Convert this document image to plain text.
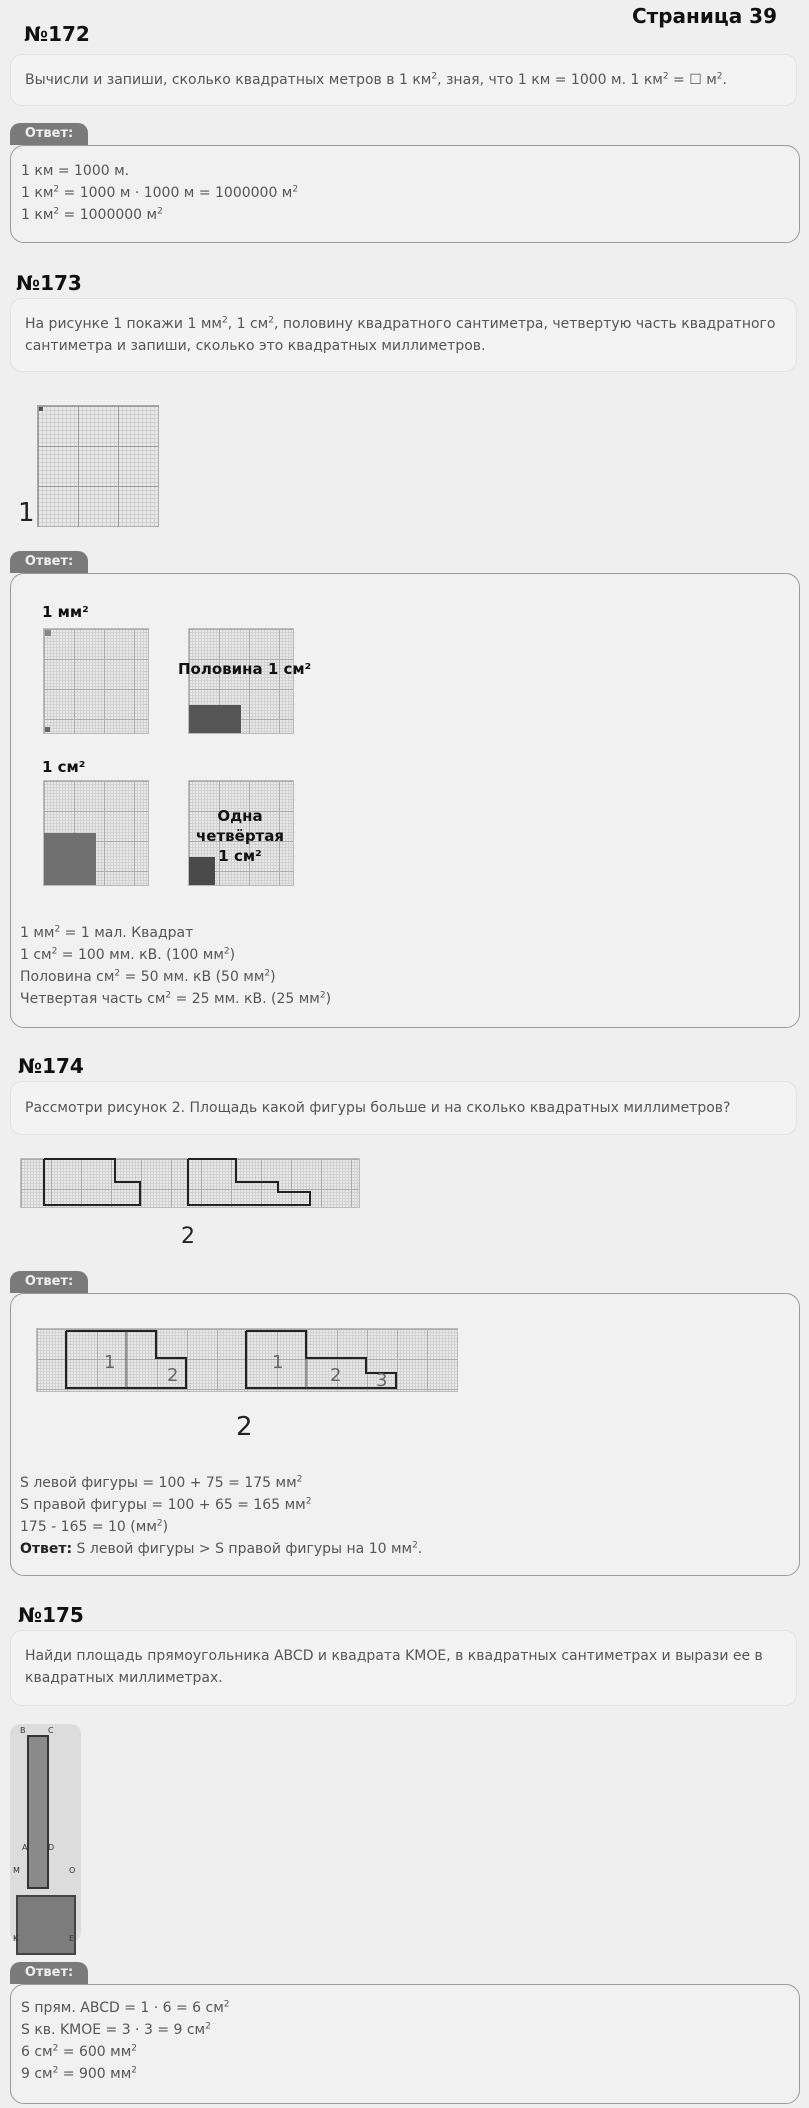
Страница 39
№172
Вычисли и запиши, сколько квадратных метров в 1 $км^2$, зная, что 1 км = 1000 м. 1 $км^2$ = ☐ $м^2$.
Ответ:
1 км = 1000 м.
1 $км^2 = 1000$ м · 1000 м = 1000000 $м^2$
1 $км^2 = 1000000$ $м^2$
№173
На рисунке 1 покажи 1 $мм^2$, 1 $см^2$, половину квадратного сантиметра, четвертую часть квадратного сантиметра и запиши, сколько это квадратных миллиметров.
1
Ответ:
1 мм²
Половина 1 см²
1 см²
Одна четвёртая
1 см²
1 $мм^2 = 1$ мал. Квадрат
1 $см^2 = 100$ мм. кВ. (100 $мм^2$)
Половина $см^2 = 50$ мм. кВ (50 $мм^2$)
Четвертая часть $см^2 = 25$ мм. кВ. (25 $мм^2$)
№174
Рассмотри рисунок 2. Площадь какой фигуры больше и на сколько квадратных миллиметров?
2
Ответ:
1
2
1
2 3
2
S левой фигуры = 100 + 75 = 175 $мм^2$
S правой фигуры = 100 + 65 = 165 $мм^2$
175 - 165 = 10 $(мм^2)$
Ответ: S левой фигуры > S правой фигуры на 10 $мм^2$.
№175
Найди площадь прямоугольника ABCD и квадрата KMOE, в квадратных сантиметрах и вырази ее в квадратных миллиметрах.
B	C
A	D
M	O
K	E
Ответ:
S прям. ABCD = 1 · 6 = 6 $см^2$
S кв. KMOE = 3 · 3 = 9 $см^2$
6 $см^2 = 600$ $мм^2$
9 $см^2 = 900$ $мм^2$
